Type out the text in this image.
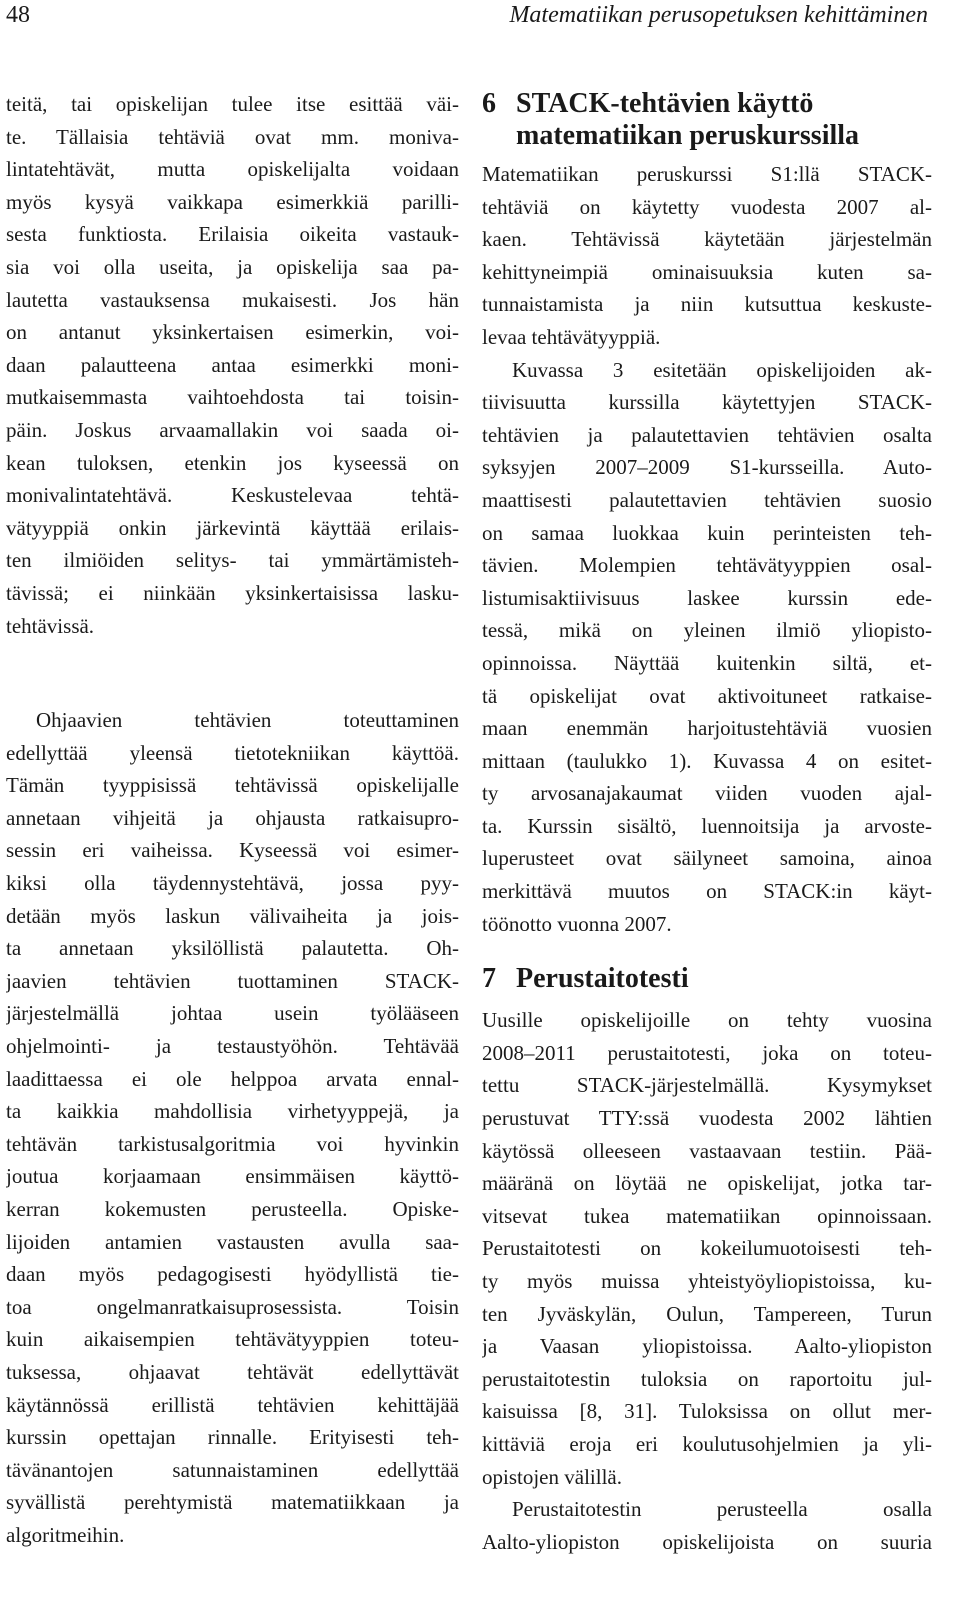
48	Matematiikan perusopetuksen kehittäminen
teitä, tai opiskelijan tulee itse esittää väi-
te. Tällaisia tehtäviä ovat mm. moniva-
lintatehtävät, mutta opiskelijalta voidaan
myös kysyä vaikkapa esimerkkiä parilli-
sesta funktiosta. Erilaisia oikeita vastauk-
sia voi olla useita, ja opiskelija saa pa-
lautetta vastauksensa mukaisesti. Jos hän
on antanut yksinkertaisen esimerkin, voi-
daan palautteena antaa esimerkki moni-
mutkaisemmasta vaihtoehdosta tai toisin-
päin. Joskus arvaamallakin voi saada oi-
kean tuloksen, etenkin jos kyseessä on
monivalintatehtävä. Keskustelevaa tehtä-
vätyyppiä onkin järkevintä käyttää erilais-
ten ilmiöiden selitys- tai ymmärtämisteh-
tävissä; ei niinkään yksinkertaisissa lasku-
tehtävissä.
Ohjaavien tehtävien toteuttaminen
edellyttää yleensä tietotekniikan käyttöä.
Tämän tyyppisissä tehtävissä opiskelijalle
annetaan vihjeitä ja ohjausta ratkaisupro-
sessin eri vaiheissa. Kyseessä voi esimer-
kiksi olla täydennystehtävä, jossa pyy-
detään myös laskun välivaiheita ja jois-
ta annetaan yksilöllistä palautetta. Oh-
jaavien tehtävien tuottaminen STACK-
järjestelmällä johtaa usein työlääseen
ohjelmointi- ja testaustyöhön. Tehtävää
laadittaessa ei ole helppoa arvata ennal-
ta kaikkia mahdollisia virhetyyppejä, ja
tehtävän tarkistusalgoritmia voi hyvinkin
joutua korjaamaan ensimmäisen käyttö-
kerran kokemusten perusteella. Opiske-
lijoiden antamien vastausten avulla saa-
daan myös pedagogisesti hyödyllistä tie-
toa ongelmanratkaisuprosessista. Toisin
kuin aikaisempien tehtävätyyppien toteu-
tuksessa, ohjaavat tehtävät edellyttävät
käytännössä erillistä tehtävien kehittäjää
kurssin opettajan rinnalle. Erityisesti teh-
tävänantojen satunnaistaminen edellyttää
syvällistä perehtymistä matematiikkaan ja
algoritmeihin.
6 STACK-tehtävien käyttö
matematiikan peruskurssilla
Matematiikan peruskurssi S1:llä STACK-
tehtäviä on käytetty vuodesta 2007 al-
kaen. Tehtävissä käytetään järjestelmän
kehittyneimpiä ominaisuuksia kuten sa-
tunnaistamista ja niin kutsuttua keskuste-
levaa tehtävätyyppiä.
Kuvassa 3 esitetään opiskelijoiden ak-
tiivisuutta kurssilla käytettyjen STACK-
tehtävien ja palautettavien tehtävien osalta
syksyjen 2007–2009 S1-kursseilla. Auto-
maattisesti palautettavien tehtävien suosio
on samaa luokkaa kuin perinteisten teh-
tävien. Molempien tehtävätyyppien osal-
listumisaktiivisuus laskee kurssin ede-
tessä, mikä on yleinen ilmiö yliopisto-
opinnoissa. Näyttää kuitenkin siltä, et-
tä opiskelijat ovat aktivoituneet ratkaise-
maan enemmän harjoitustehtäviä vuosien
mittaan (taulukko 1). Kuvassa 4 on esitet-
ty arvosanajakaumat viiden vuoden ajal-
ta. Kurssin sisältö, luennoitsija ja arvoste-
luperusteet ovat säilyneet samoina, ainoa
merkittävä muutos on STACK:in käyt-
töönotto vuonna 2007.
7 Perustaitotesti
Uusille opiskelijoille on tehty vuosina
2008–2011 perustaitotesti, joka on toteu-
tettu STACK-järjestelmällä. Kysymykset
perustuvat TTY:ssä vuodesta 2002 lähtien
käytössä olleeseen vastaavaan testiin. Pää-
määränä on löytää ne opiskelijat, jotka tar-
vitsevat tukea matematiikan opinnoissaan.
Perustaitotesti on kokeilumuotoisesti teh-
ty myös muissa yhteistyöyliopistoissa, ku-
ten Jyväskylän, Oulun, Tampereen, Turun
ja Vaasan yliopistoissa. Aalto-yliopiston
perustaitotestin tuloksia on raportoitu jul-
kaisuissa [8, 31]. Tuloksissa on ollut mer-
kittäviä eroja eri koulutusohjelmien ja yli-
opistojen välillä.
Perustaitotestin perusteella osalla
Aalto-yliopiston opiskelijoista on suuria
